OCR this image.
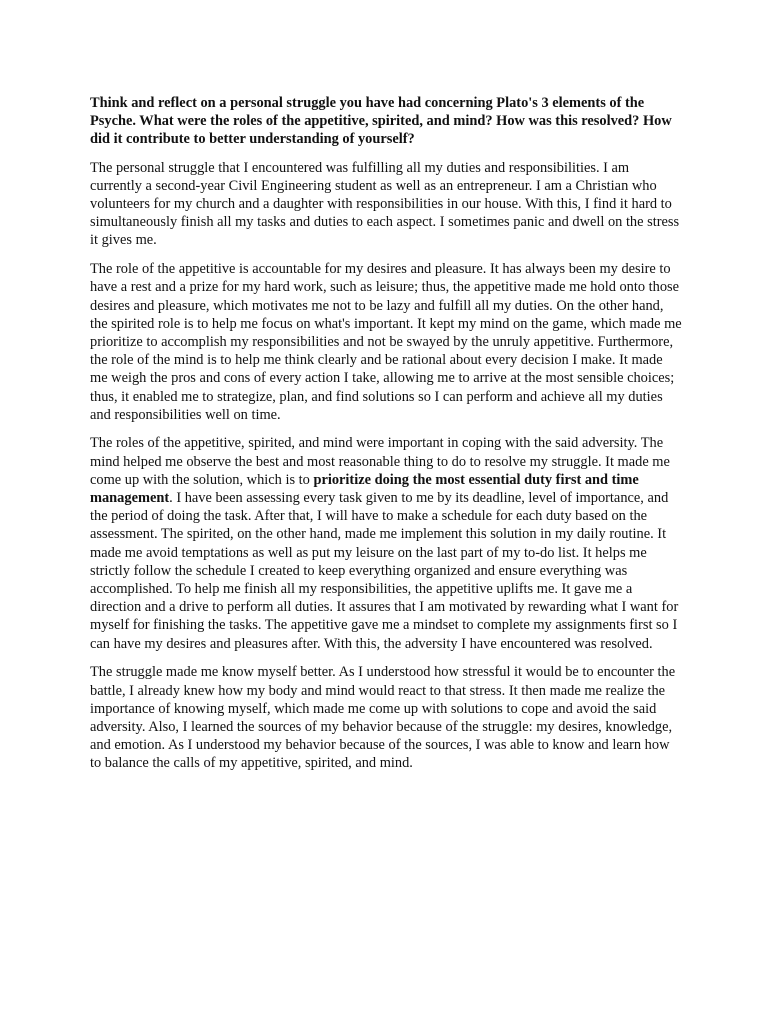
Think and reflect on a personal struggle you have had concerning Plato's 3 elements of the Psyche. What were the roles of the appetitive, spirited, and mind? How was this resolved? How did it contribute to better understanding of yourself?

The personal struggle that I encountered was fulfilling all my duties and responsibilities. I am currently a second-year Civil Engineering student as well as an entrepreneur. I am a Christian who volunteers for my church and a daughter with responsibilities in our house. With this, I find it hard to simultaneously finish all my tasks and duties to each aspect. I sometimes panic and dwell on the stress it gives me.

The role of the appetitive is accountable for my desires and pleasure. It has always been my desire to have a rest and a prize for my hard work, such as leisure; thus, the appetitive made me hold onto those desires and pleasure, which motivates me not to be lazy and fulfill all my duties. On the other hand, the spirited role is to help me focus on what's important. It kept my mind on the game, which made me prioritize to accomplish my responsibilities and not be swayed by the unruly appetitive. Furthermore, the role of the mind is to help me think clearly and be rational about every decision I make. It made me weigh the pros and cons of every action I take, allowing me to arrive at the most sensible choices; thus, it enabled me to strategize, plan, and find solutions so I can perform and achieve all my duties and responsibilities well on time.

The roles of the appetitive, spirited, and mind were important in coping with the said adversity. The mind helped me observe the best and most reasonable thing to do to resolve my struggle. It made me come up with the solution, which is to prioritize doing the most essential duty first and time management. I have been assessing every task given to me by its deadline, level of importance, and the period of doing the task. After that, I will have to make a schedule for each duty based on the assessment. The spirited, on the other hand, made me implement this solution in my daily routine. It made me avoid temptations as well as put my leisure on the last part of my to-do list. It helps me strictly follow the schedule I created to keep everything organized and ensure everything was accomplished. To help me finish all my responsibilities, the appetitive uplifts me. It gave me a direction and a drive to perform all duties. It assures that I am motivated by rewarding what I want for myself for finishing the tasks. The appetitive gave me a mindset to complete my assignments first so I can have my desires and pleasures after. With this, the adversity I have encountered was resolved.

The struggle made me know myself better. As I understood how stressful it would be to encounter the battle, I already knew how my body and mind would react to that stress. It then made me realize the importance of knowing myself, which made me come up with solutions to cope and avoid the said adversity. Also, I learned the sources of my behavior because of the struggle: my desires, knowledge, and emotion. As I understood my behavior because of the sources, I was able to know and learn how to balance the calls of my appetitive, spirited, and mind.
